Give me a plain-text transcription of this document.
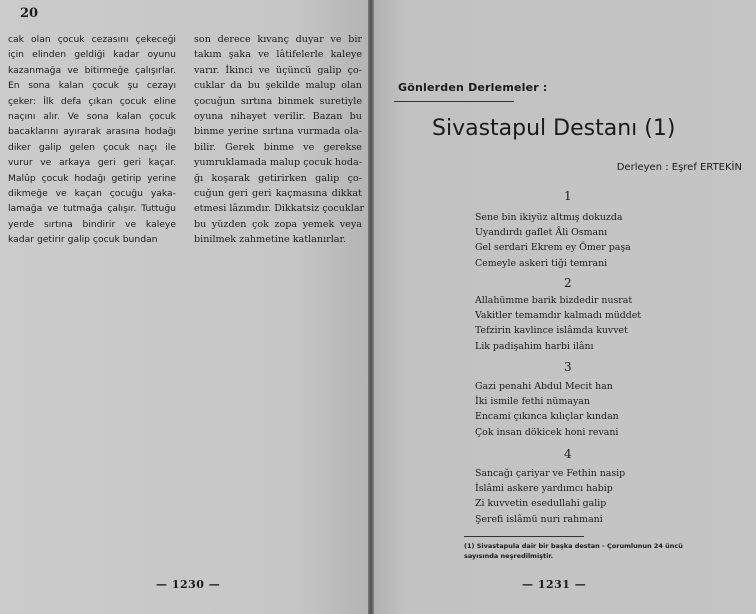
20
cak olan çocuk cezasını çekeceği
için elinden geldiği kadar oyunu
kazanmağa ve bitirmeğe çalışırlar.
En sona kalan çocuk şu cezayı
çeker: İlk defa çıkan çocuk eline
naçını alır. Ve sona kalan çocuk
bacaklarını ayırarak arasına hodağı
diker galip gelen çocuk naçı ile
vurur ve arkaya geri geri kaçar.
Malûp çocuk hodağı getirip yerine
dikmeğe ve kaçan çocuğu yaka-
lamağa ve tutmağa çalışır. Tuttuğu
yerde sırtına bindirir ve kaleye
kadar getirir galip çocuk bundan
son derece kıvanç duyar ve bir
takım şaka ve lâtifelerle kaleye
varır. İkinci ve üçüncü galip ço-
cuklar da bu şekilde malup olan
çocuğun sırtına binmek suretiyle
oyuna nihayet verilir. Bazan bu
binme yerine sırtına vurmada ola-
bilir. Gerek binme ve gerekse
yumruklamada malup çocuk hoda-
ğı koşarak getirirken galip ço-
cuğun geri geri kaçmasına dikkat
etmesi lâzımdır. Dikkatsiz çocuklar
bu yüzden çok zopa yemek veya
binilmek zahmetine katlanırlar.
— 1230 —
Gönlerden Derlemeler :
Sivastapul Destanı (1)
Derleyen : Eşref ERTEKİN
1
Sene bin ikiyüz altmış dokuzda
Uyandırdı gaflet Âli Osmanı
Gel serdari Ekrem ey Ömer paşa
Cemeyle askeri tiği temrani
2
Allahümme barik bizdedir nusrat
Vakitler temamdır kalmadı müddet
Tefzirin kavlince islâmda kuvvet
Lik padişahim harbi ilânı
3
Gazi penahi Abdul Mecit han
İki ismile fethi nümayan
Encami çıkınca kılıçlar kından
Çok insan dökicek honi revani
4
Sancağı çariyar ve Fethin nasip
İslâmi askere yardımcı habip
Zi kuvvetin esedullahi galip
Şerefi islâmü nuri rahmani
(1) Sivastapula dair bir başka destan - Çorumlunun 24 üncü sayısında neşredilmiştir.
— 1231 —
